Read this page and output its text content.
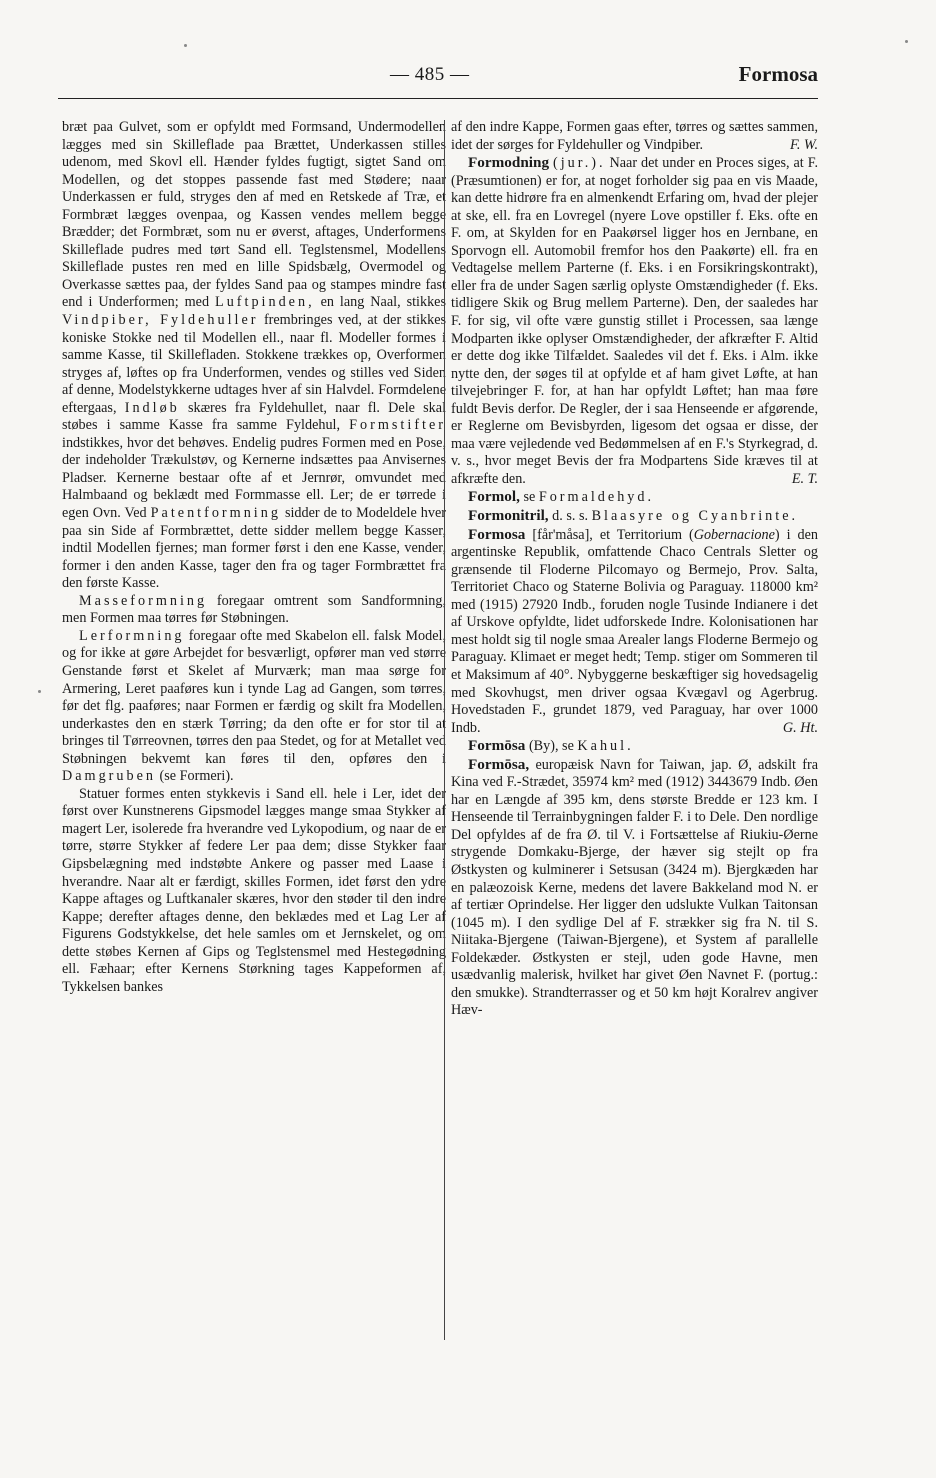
— 485 —	Formosa

bræt paa Gulvet, som er opfyldt med Formsand, Undermodellen lægges med sin Skilleflade paa Brættet, Underkassen stilles udenom, med Skovl ell. Hænder fyldes fugtigt, sigtet Sand om Modellen, og det stoppes passende fast med Stødere; naar Underkassen er fuld, stryges den af med en Retskede af Træ, et Formbræt lægges ovenpaa, og Kassen vendes mellem begge Brædder; det Formbræt, som nu er øverst, aftages, Underformens Skilleflade pudres med tørt Sand ell. Teglstensmel, Modellens Skilleflade pustes ren med en lille Spidsbælg, Overmodel og Overkasse sættes paa, der fyldes Sand paa og stampes mindre fast end i Underformen; med Luftpinden, en lang Naal, stikkes Vindpiber, Fyldehuller frembringes ved, at der stikkes koniske Stokke ned til Modellen ell., naar fl. Modeller formes i samme Kasse, til Skillefladen. Stokkene trækkes op, Overformen stryges af, løftes op fra Underformen, vendes og stilles ved Siden af denne, Modelstykkerne udtages hver af sin Halvdel. Formdelene eftergaas, Indløb skæres fra Fyldehullet, naar fl. Dele skal støbes i samme Kasse fra samme Fyldehul, Formstifter indstikkes, hvor det behøves. Endelig pudres Formen med en Pose, der indeholder Trækulstøv, og Kernerne indsættes paa Anvisernes Pladser. Kernerne bestaar ofte af et Jernrør, omvundet med Halmbaand og beklædt med Formmasse ell. Ler; de er tørrede i egen Ovn. Ved Patentformning sidder de to Modeldele hver paa sin Side af Formbrættet, dette sidder mellem begge Kasser, indtil Modellen fjernes; man former først i den ene Kasse, vender, former i den anden Kasse, tager den fra og tager Formbrættet fra den første Kasse.

Masseformning foregaar omtrent som Sandformning, men Formen maa tørres før Støbningen.

Lerformning foregaar ofte med Skabelon ell. falsk Model, og for ikke at gøre Arbejdet for besværligt, opfører man ved større Genstande først et Skelet af Murværk; man maa sørge for Armering, Leret paaføres kun i tynde Lag ad Gangen, som tørres, før det flg. paaføres; naar Formen er færdig og skilt fra Modellen, underkastes den en stærk Tørring; da den ofte er for stor til at bringes til Tørreovnen, tørres den paa Stedet, og for at Metallet ved Støbningen bekvemt kan føres til den, opføres den i Damgruben (se Formeri).

Statuer formes enten stykkevis i Sand ell. hele i Ler, idet der først over Kunstnerens Gipsmodel lægges mange smaa Stykker af magert Ler, isolerede fra hverandre ved Lykopodium, og naar de er tørre, større Stykker af federe Ler paa dem; disse Stykker faar Gipsbelægning med indstøbte Ankere og passer med Laase i hverandre. Naar alt er færdigt, skilles Formen, idet først den ydre Kappe aftages og Luftkanaler skæres, hvor den støder til den indre Kappe; derefter aftages denne, den beklædes med et Lag Ler af Figurens Godstykkelse, det hele samles om et Jernskelet, og om dette støbes Kernen af Gips og Teglstensmel med Hestegødning ell. Fæhaar; efter Kernens Størkning tages Kappeformen af, Tykkelsen bankes

af den indre Kappe, Formen gaas efter, tørres og sættes sammen, idet der sørges for Fyldehuller og Vindpiber.	F. W.

Formodning (jur.). Naar det under en Proces siges, at F. (Præsumtionen) er for, at noget forholder sig paa en vis Maade, kan dette hidrøre fra en almenkendt Erfaring om, hvad der plejer at ske, ell. fra en Lovregel (nyere Love opstiller f. Eks. ofte en F. om, at Skylden for en Paakørsel ligger hos en Jernbane, en Sporvogn ell. Automobil fremfor hos den Paakørte) ell. fra en Vedtagelse mellem Parterne (f. Eks. i en Forsikringskontrakt), eller fra de under Sagen særlig oplyste Omstændigheder (f. Eks. tidligere Skik og Brug mellem Parterne). Den, der saaledes har F. for sig, vil ofte være gunstig stillet i Processen, saa længe Modparten ikke oplyser Omstændigheder, der afkræfter F. Altid er dette dog ikke Tilfældet. Saaledes vil det f. Eks. i Alm. ikke nytte den, der søges til at opfylde et af ham givet Løfte, at han tilvejebringer F. for, at han har opfyldt Løftet; han maa føre fuldt Bevis derfor. De Regler, der i saa Henseende er afgørende, er Reglerne om Bevisbyrden, ligesom det ogsaa er disse, der maa være vejledende ved Bedømmelsen af en F.'s Styrkegrad, d. v. s., hvor meget Bevis der fra Modpartens Side kræves til at afkræfte den.	E. T.

Formol, se Formaldehyd.

Formonitril, d. s. s. Blaasyre og Cyanbrinte.

Formosa [får'måsa], et Territorium (Gobernacione) i den argentinske Republik, omfattende Chaco Centrals Sletter og grænsende til Floderne Pilcomayo og Bermejo, Prov. Salta, Territoriet Chaco og Staterne Bolivia og Paraguay. 118000 km² med (1915) 27920 Indb., foruden nogle Tusinde Indianere i det af Urskove opfyldte, lidet udforskede Indre. Kolonisationen har mest holdt sig til nogle smaa Arealer langs Floderne Bermejo og Paraguay. Klimaet er meget hedt; Temp. stiger om Sommeren til et Maksimum af 40°. Nybyggerne beskæftiger sig hovedsagelig med Skovhugst, men driver ogsaa Kvægavl og Agerbrug. Hovedstaden F., grundet 1879, ved Paraguay, har over 1000 Indb.	G. Ht.

Formōsa (By), se Kahul.

Formōsa, europæisk Navn for Taiwan, jap. Ø, adskilt fra Kina ved F.-Strædet, 35974 km² med (1912) 3443679 Indb. Øen har en Længde af 395 km, dens største Bredde er 123 km. I Henseende til Terrainbygningen falder F. i to Dele. Den nordlige Del opfyldes af de fra Ø. til V. i Fortsættelse af Riukiu-Øerne strygende Domkaku-Bjerge, der hæver sig stejlt op fra Østkysten og kulminerer i Setsusan (3424 m). Bjergkæden har en palæozoisk Kerne, medens det lavere Bakkeland mod N. er af tertiær Oprindelse. Her ligger den udslukte Vulkan Taitonsan (1045 m). I den sydlige Del af F. strækker sig fra N. til S. Niitaka-Bjergene (Taiwan-Bjergene), et System af parallelle Foldekæder. Østkysten er stejl, uden gode Havne, men usædvanlig malerisk, hvilket har givet Øen Navnet F. (portug.: den smukke). Strandterrasser og et 50 km højt Koralrev angiver Hæv-
